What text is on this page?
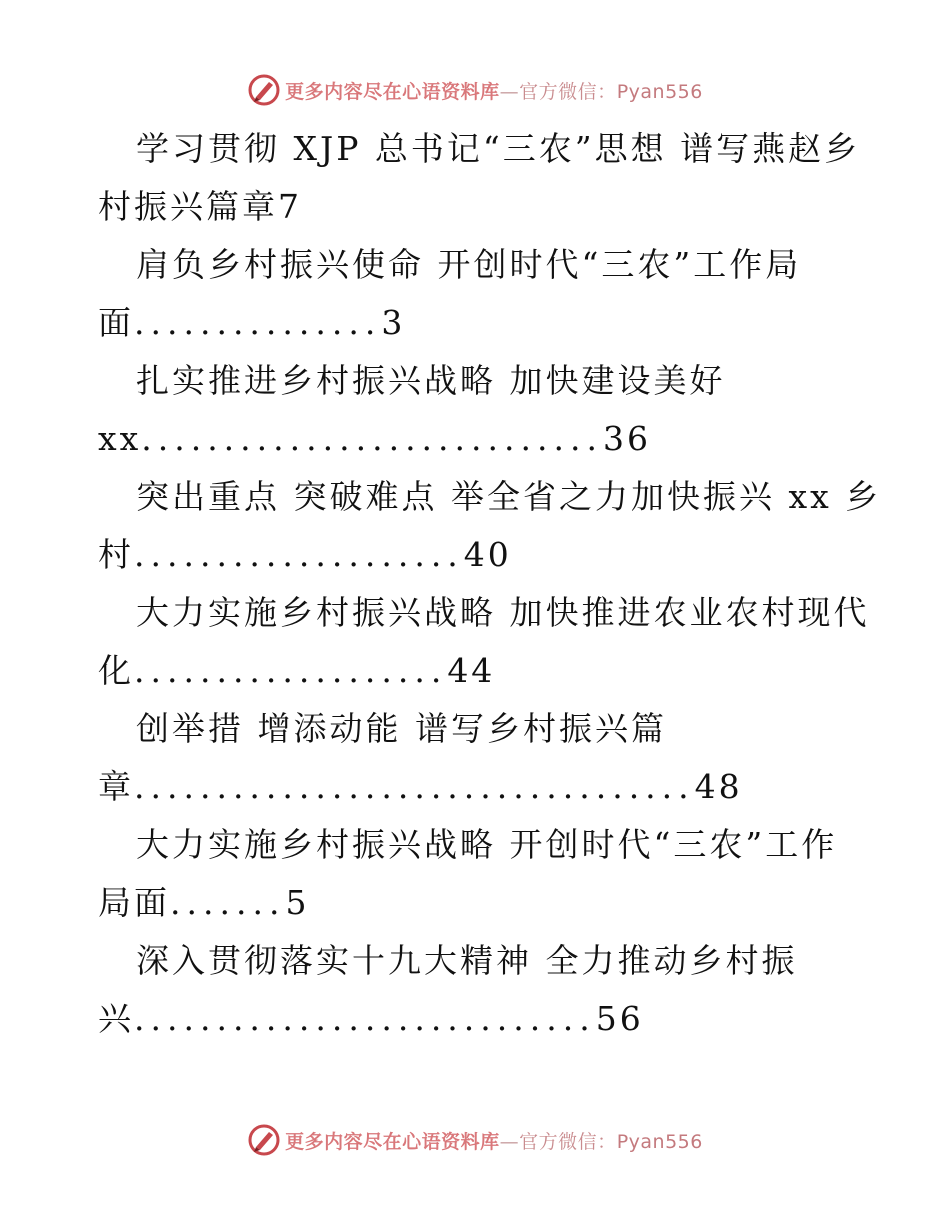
更多内容尽在心语资料库—官方微信：Pyan556
学习贯彻 XJP 总书记“三农”思想 谱写燕赵乡
村振兴篇章7
肩负乡村振兴使命 开创时代“三农”工作局
面...............3
扎实推进乡村振兴战略 加快建设美好
xx............................36
突出重点 突破难点 举全省之力加快振兴 xx 乡
村....................40
大力实施乡村振兴战略 加快推进农业农村现代
化...................44
创举措 增添动能 谱写乡村振兴篇
章..................................48
大力实施乡村振兴战略 开创时代“三农”工作
局面.......5
深入贯彻落实十九大精神 全力推动乡村振
兴............................56
更多内容尽在心语资料库—官方微信：Pyan556
